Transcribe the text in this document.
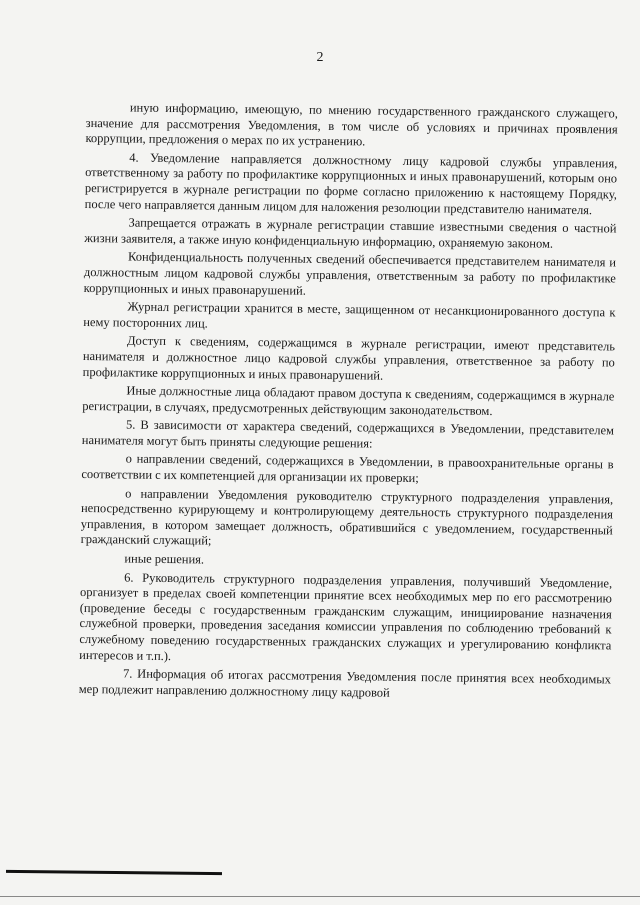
2

иную информацию, имеющую, по мнению государственного гражданского служащего, значение для рассмотрения Уведомления, в том числе об условиях и причинах проявления коррупции, предложения о мерах по их устранению.

4. Уведомление направляется должностному лицу кадровой службы управления, ответственному за работу по профилактике коррупционных и иных правонарушений, которым оно регистрируется в журнале регистрации по форме согласно приложению к настоящему Порядку, после чего направляется данным лицом для наложения резолюции представителю нанимателя.

Запрещается отражать в журнале регистрации ставшие известными сведения о частной жизни заявителя, а также иную конфиденциальную информацию, охраняемую законом.

Конфиденциальность полученных сведений обеспечивается представителем нанимателя и должностным лицом кадровой службы управления, ответственным за работу по профилактике коррупционных и иных правонарушений.

Журнал регистрации хранится в месте, защищенном от несанкционированного доступа к нему посторонних лиц.

Доступ к сведениям, содержащимся в журнале регистрации, имеют представитель нанимателя и должностное лицо кадровой службы управления, ответственное за работу по профилактике коррупционных и иных правонарушений.

Иные должностные лица обладают правом доступа к сведениям, содержащимся в журнале регистрации, в случаях, предусмотренных действующим законодательством.

5. В зависимости от характера сведений, содержащихся в Уведомлении, представителем нанимателя могут быть приняты следующие решения:

о направлении сведений, содержащихся в Уведомлении, в правоохранительные органы в соответствии с их компетенцией для организации их проверки;

о направлении Уведомления руководителю структурного подразделения управления, непосредственно курирующему и контролирующему деятельность структурного подразделения управления, в котором замещает должность, обратившийся с уведомлением, государственный гражданский служащий;

иные решения.

6. Руководитель структурного подразделения управления, получивший Уведомление, организует в пределах своей компетенции принятие всех необходимых мер по его рассмотрению (проведение беседы с государственным гражданским служащим, инициирование назначения служебной проверки, проведения заседания комиссии управления по соблюдению требований к служебному поведению государственных гражданских служащих и урегулированию конфликта интересов и т.п.).

7. Информация об итогах рассмотрения Уведомления после принятия всех необходимых мер подлежит направлению должностному лицу кадровой
